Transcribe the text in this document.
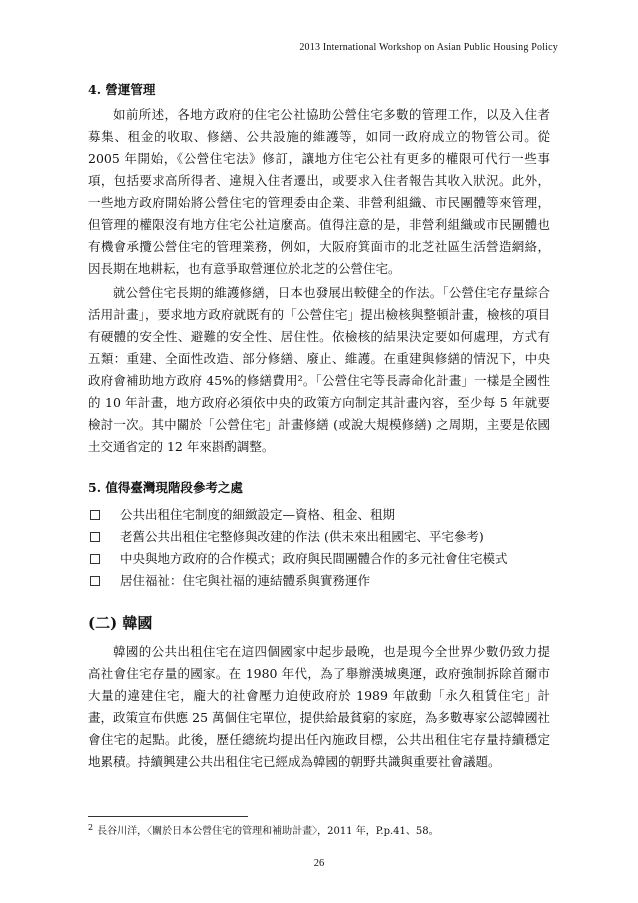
2013 International Workshop on Asian Public Housing Policy
4. 營運管理

如前所述，各地方政府的住宅公社協助公營住宅多數的管理工作，以及入住者募集、租金的收取、修繕、公共設施的維護等，如同一政府成立的物管公司。從 2005 年開始，《公營住宅法》修訂，讓地方住宅公社有更多的權限可代行一些事項，包括要求高所得者、違規入住者遷出，或要求入住者報告其收入狀況。此外，一些地方政府開始將公營住宅的管理委由企業、非營利組織、市民團體等來管理，但管理的權限沒有地方住宅公社這麼高。值得注意的是，非營利組織或市民團體也有機會承攬公營住宅的管理業務，例如，大阪府箕面市的北芝社區生活營造網絡，因長期在地耕耘，也有意爭取營運位於北芝的公營住宅。

就公營住宅長期的維護修繕，日本也發展出較健全的作法。「公營住宅存量綜合活用計畫」，要求地方政府就既有的「公營住宅」提出檢核與整頓計畫，檢核的項目有硬體的安全性、避難的安全性、居住性。依檢核的結果決定要如何處理，方式有五類：重建、全面性改造、部分修繕、廢止、維護。在重建與修繕的情況下，中央政府會補助地方政府 45%的修繕費用²。「公營住宅等長壽命化計畫」一樣是全國性的 10 年計畫，地方政府必須依中央的政策方向制定其計畫內容，至少每 5 年就要檢討一次。其中關於「公營住宅」計畫修繕 (或說大規模修繕) 之周期，主要是依國土交通省定的 12 年來斟酌調整。

5. 值得臺灣現階段參考之處
公共出租住宅制度的細緻設定—資格、租金、租期
老舊公共出租住宅整修與改建的作法 (供未來出租國宅、平宅參考)
中央與地方政府的合作模式；政府與民間團體合作的多元社會住宅模式
居住福祉：住宅與社福的連結體系與實務運作
(二) 韓國

韓國的公共出租住宅在這四個國家中起步最晚，也是現今全世界少數仍致力提高社會住宅存量的國家。在 1980 年代，為了舉辦漢城奧運，政府強制拆除首爾市大量的違建住宅，龐大的社會壓力迫使政府於 1989 年啟動「永久租賃住宅」計畫，政策宣布供應 25 萬個住宅單位，提供給最貧窮的家庭，為多數專家公認韓國社會住宅的起點。此後，歷任總統均提出任內施政目標，公共出租住宅存量持續穩定地累積。持續興建公共出租住宅已經成為韓國的朝野共識與重要社會議題。

$^2$ 長谷川洋，〈關於日本公營住宅的管理和補助計畫〉，2011 年，P.p.41、58。
26
